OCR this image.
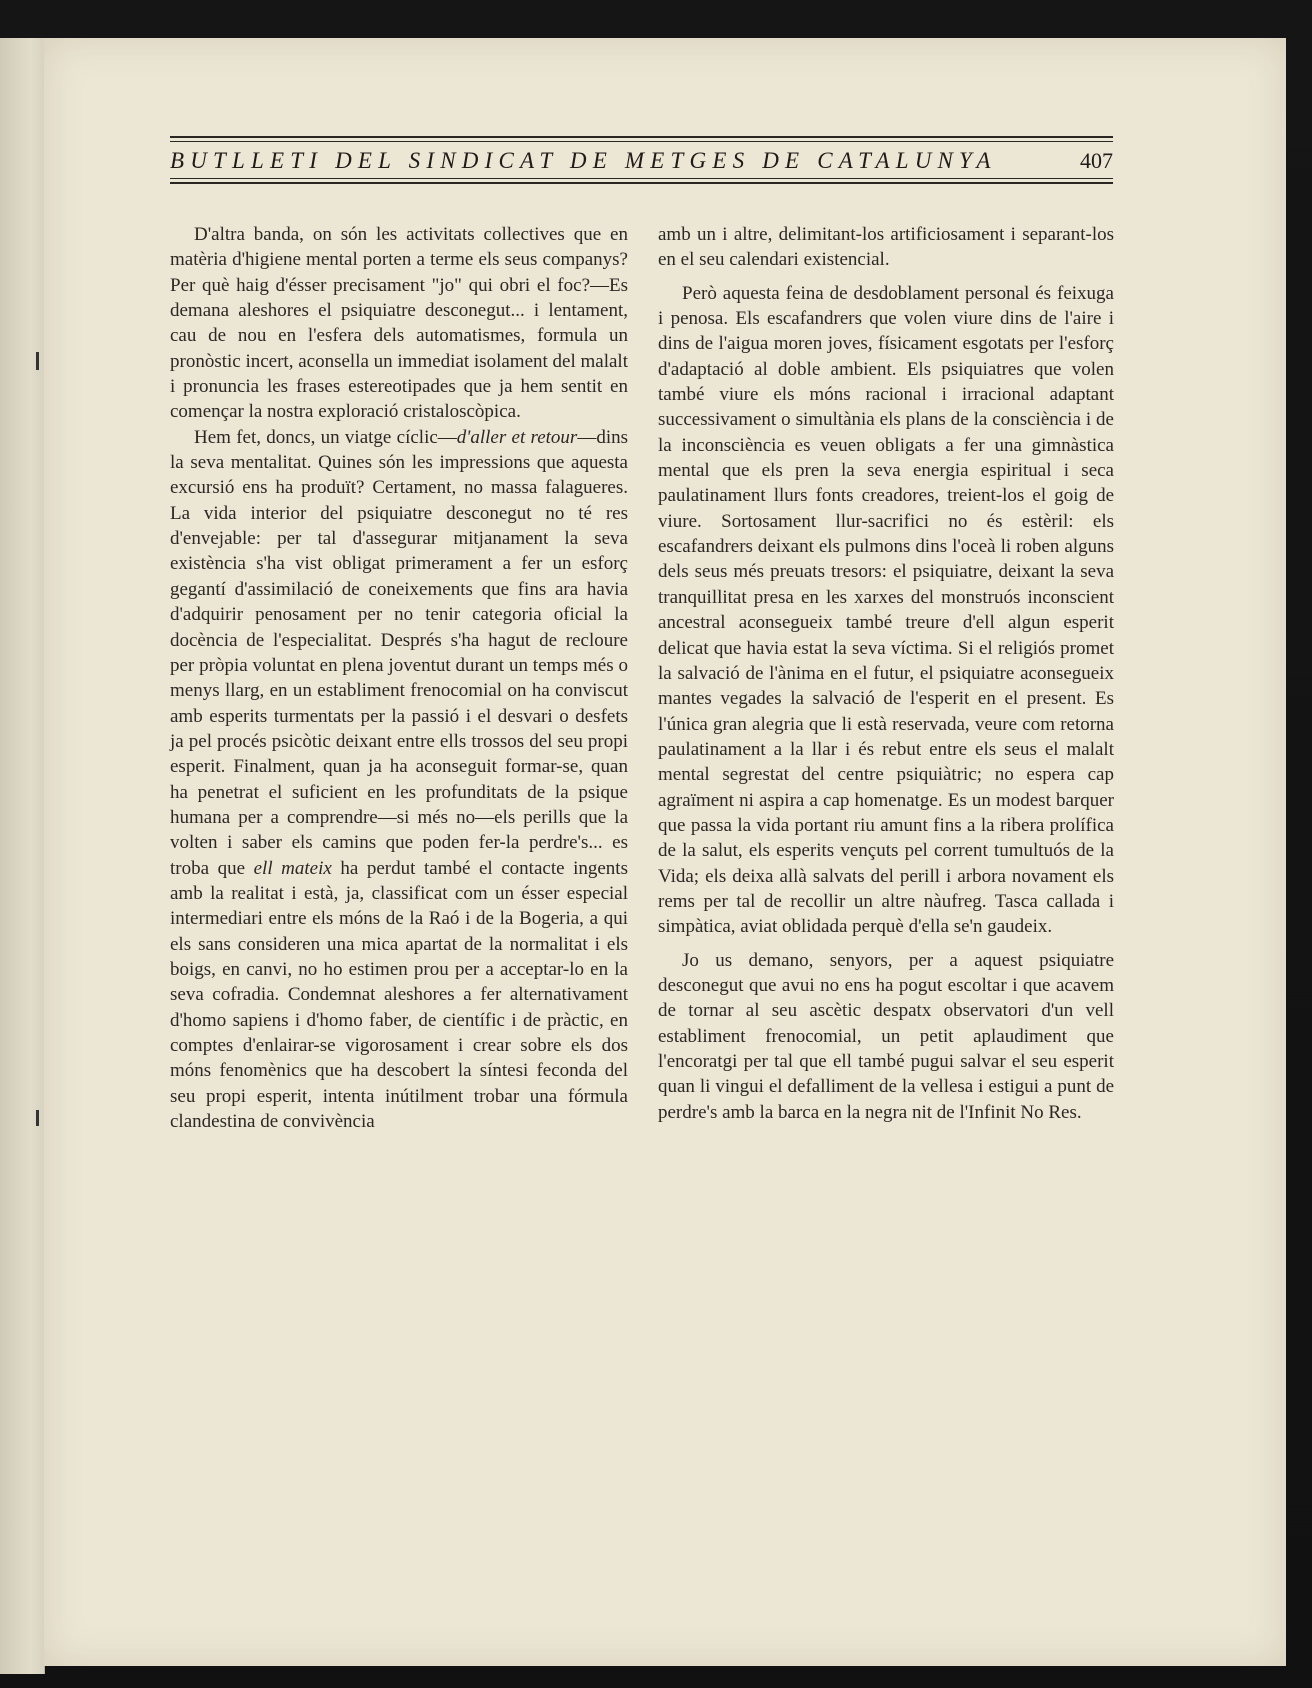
BUTLLETI DEL SINDICAT DE METGES DE CATALUNYA	407

D'altra banda, on són les activitats collectives que en matèria d'higiene mental porten a terme els seus companys? Per què haig d'ésser precisament "jo" qui obri el foc?—Es demana aleshores el psiquiatre desconegut... i lentament, cau de nou en l'esfera dels automatismes, formula un pronòstic incert, aconsella un immediat isolament del malalt i pronuncia les frases estereotipades que ja hem sentit en començar la nostra exploració cristaloscòpica.

Hem fet, doncs, un viatge cíclic—d'aller et retour—dins la seva mentalitat. Quines són les impressions que aquesta excursió ens ha produït? Certament, no massa falagueres. La vida interior del psiquiatre desconegut no té res d'envejable: per tal d'assegurar mitjanament la seva existència s'ha vist obligat primerament a fer un esforç gegantí d'assimilació de coneixements que fins ara havia d'adquirir penosament per no tenir categoria oficial la docència de l'especialitat. Després s'ha hagut de recloure per pròpia voluntat en plena joventut durant un temps més o menys llarg, en un establiment frenocomial on ha conviscut amb esperits turmentats per la passió i el desvari o desfets ja pel procés psicòtic deixant entre ells trossos del seu propi esperit. Finalment, quan ja ha aconseguit formar-se, quan ha penetrat el suficient en les profunditats de la psique humana per a comprendre—si més no—els perills que la volten i saber els camins que poden fer-la perdre's... es troba que ell mateix ha perdut també el contacte ingents amb la realitat i està, ja, classificat com un ésser especial intermediari entre els móns de la Raó i de la Bogeria, a qui els sans consideren una mica apartat de la normalitat i els boigs, en canvi, no ho estimen prou per a acceptar-lo en la seva cofradia. Condemnat aleshores a fer alternativament d'homo sapiens i d'homo faber, de científic i de pràctic, en comptes d'enlairar-se vigorosament i crear sobre els dos móns fenomènics que ha descobert la síntesi feconda del seu propi esperit, intenta inútilment trobar una fórmula clandestina de convivència

amb un i altre, delimitant-los artificiosament i separant-los en el seu calendari existencial.

Però aquesta feina de desdoblament personal és feixuga i penosa. Els escafandrers que volen viure dins de l'aire i dins de l'aigua moren joves, físicament esgotats per l'esforç d'adaptació al doble ambient. Els psiquiatres que volen també viure els móns racional i irracional adaptant successivament o simultània els plans de la consciència i de la inconsciència es veuen obligats a fer una gimnàstica mental que els pren la seva energia espiritual i seca paulatinament llurs fonts creadores, treient-los el goig de viure. Sortosament llur-sacrifici no és estèril: els escafandrers deixant els pulmons dins l'oceà li roben alguns dels seus més preuats tresors: el psiquiatre, deixant la seva tranquillitat presa en les xarxes del monstruós inconscient ancestral aconsegueix també treure d'ell algun esperit delicat que havia estat la seva víctima. Si el religiós promet la salvació de l'ànima en el futur, el psiquiatre aconsegueix mantes vegades la salvació de l'esperit en el present. Es l'única gran alegria que li està reservada, veure com retorna paulatinament a la llar i és rebut entre els seus el malalt mental segrestat del centre psiquiàtric; no espera cap agraïment ni aspira a cap homenatge. Es un modest barquer que passa la vida portant riu amunt fins a la ribera prolífica de la salut, els esperits vençuts pel corrent tumultuós de la Vida; els deixa allà salvats del perill i arbora novament els rems per tal de recollir un altre nàufreg. Tasca callada i simpàtica, aviat oblidada perquè d'ella se'n gaudeix.

Jo us demano, senyors, per a aquest psiquiatre desconegut que avui no ens ha pogut escoltar i que acavem de tornar al seu ascètic despatx observatori d'un vell establiment frenocomial, un petit aplaudiment que l'encoratgi per tal que ell també pugui salvar el seu esperit quan li vingui el defalliment de la vellesa i estigui a punt de perdre's amb la barca en la negra nit de l'Infinit No Res.
